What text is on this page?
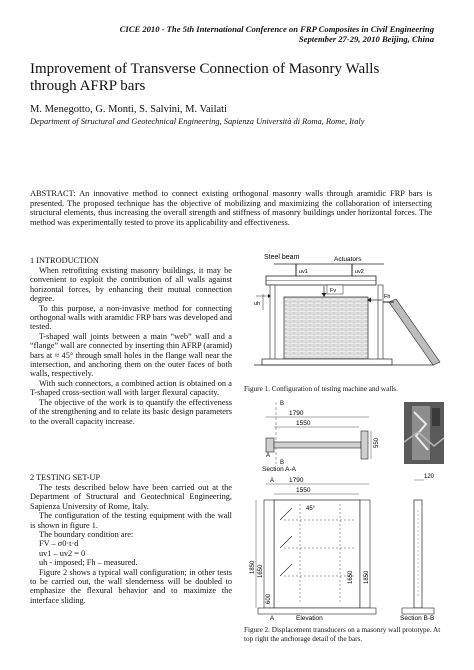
CICE 2010 - The 5th International Conference on FRP Composites in Civil Engineering
September 27-29, 2010 Beijing, China
Improvement of Transverse Connection of Masonry Walls
through AFRP bars
M. Menegotto, G. Monti, S. Salvini, M. Vailati
Department of Structural and Geotechnical Engineering, Sapienza Università di Roma, Rome, Italy
ABSTRACT: An innovative method to connect existing orthogonal masonry walls through aramidic FRP bars is presented. The proposed technique has the objective of mobilizing and maximizing the collaboration of intersecting structural elements, thus increasing the overall strength and stiffness of masonry buildings under horizontal forces. The method was experimentally tested to prove its applicability and effectiveness.
1 INTRODUCTION

When retrofitting existing masonry buildings, it may be convenient to exploit the contribution of all walls against horizontal forces, by enhancing their mutual connection degree.

To this purpose, a non-invasive method for connecting orthogonal walls with aramidic FRP bars was developed and tested.

T-shaped wall joints between a main “web” wall and a “flange” wall are connected by inserting thin AFRP (aramid) bars at ≈ 45° through small holes in the flange wall near the intersection, and anchoring them on the outer faces of both walls, respectively.

With such connectors, a combined action is obtained on a T-shaped cross-section wall with larger flexural capacity.

The objective of the work is to quantify the effectiveness of the strengthening and to relate its basic design parameters to the overall capacity increase.

2 TESTING SET-UP

The tests described below have been carried out at the Department of Structural and Geotechnical Engineering, Sapienza University of Rome, Italy.

The configuration of the testing equipment with the wall is shown in figure 1.

The boundary condition are:

FV – σ0·t·d

uv1 – uv2 = 0

uh - imposed; Fh – measured.

Figure 2 shows a typical wall configuration; in other tests to be carried out, the wall slenderness will be doubled to emphasize the flexural behavior and to maximize the interface sliding.

Steel beam	Actuators
uv1	uv2
Fv
uh
Fh
Figure 1. Configuration of testing machine and walls.
B
1790
1550
550
A
B
Section A-A
A 1790
1550
45°
1850 1650
600
1650 1850
A	Elevation
120
Section B-B
Figure 2. Displacement transducers on a masonry wall prototype. At top right the anchorage detail of the bars.
